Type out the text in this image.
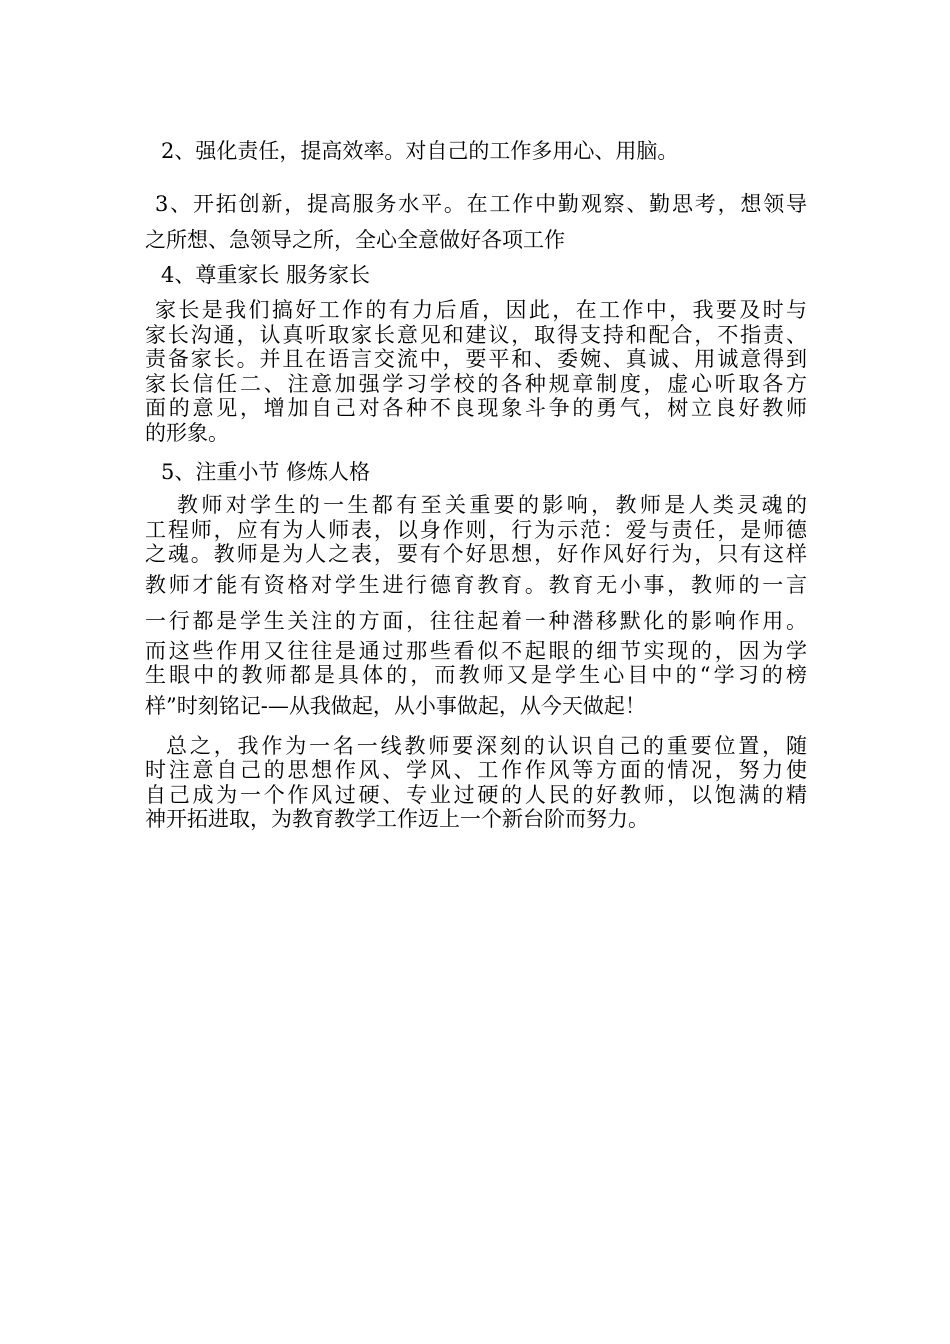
2、强化责任，提高效率。对自己的工作多用心、用脑。
3、开拓创新，提高服务水平。在工作中勤观察、勤思考，想领导
之所想、急领导之所，全心全意做好各项工作
4、尊重家长 服务家长
家长是我们搞好工作的有力后盾，因此，在工作中，我要及时与
家长沟通，认真听取家长意见和建议，取得支持和配合，不指责、
责备家长。并且在语言交流中，要平和、委婉、真诚、用诚意得到
家长信任二、注意加强学习学校的各种规章制度，虚心听取各方
面的意见，增加自己对各种不良现象斗争的勇气，树立良好教师
的形象。
5、注重小节 修炼人格
教师对学生的一生都有至关重要的影响，教师是人类灵魂的
工程师，应有为人师表，以身作则，行为示范：爱与责任，是师德
之魂。教师是为人之表，要有个好思想，好作风好行为，只有这样
教师才能有资格对学生进行德育教育。教育无小事，教师的一言
一行都是学生关注的方面，往往起着一种潜移默化的影响作用。
而这些作用又往往是通过那些看似不起眼的细节实现的，因为学
生眼中的教师都是具体的，而教师又是学生心目中的“学习的榜
样”时刻铭记-—从我做起，从小事做起，从今天做起！
总之，我作为一名一线教师要深刻的认识自己的重要位置，随
时注意自己的思想作风、学风、工作作风等方面的情况，努力使
自己成为一个作风过硬、专业过硬的人民的好教师，以饱满的精
神开拓进取，为教育教学工作迈上一个新台阶而努力。
